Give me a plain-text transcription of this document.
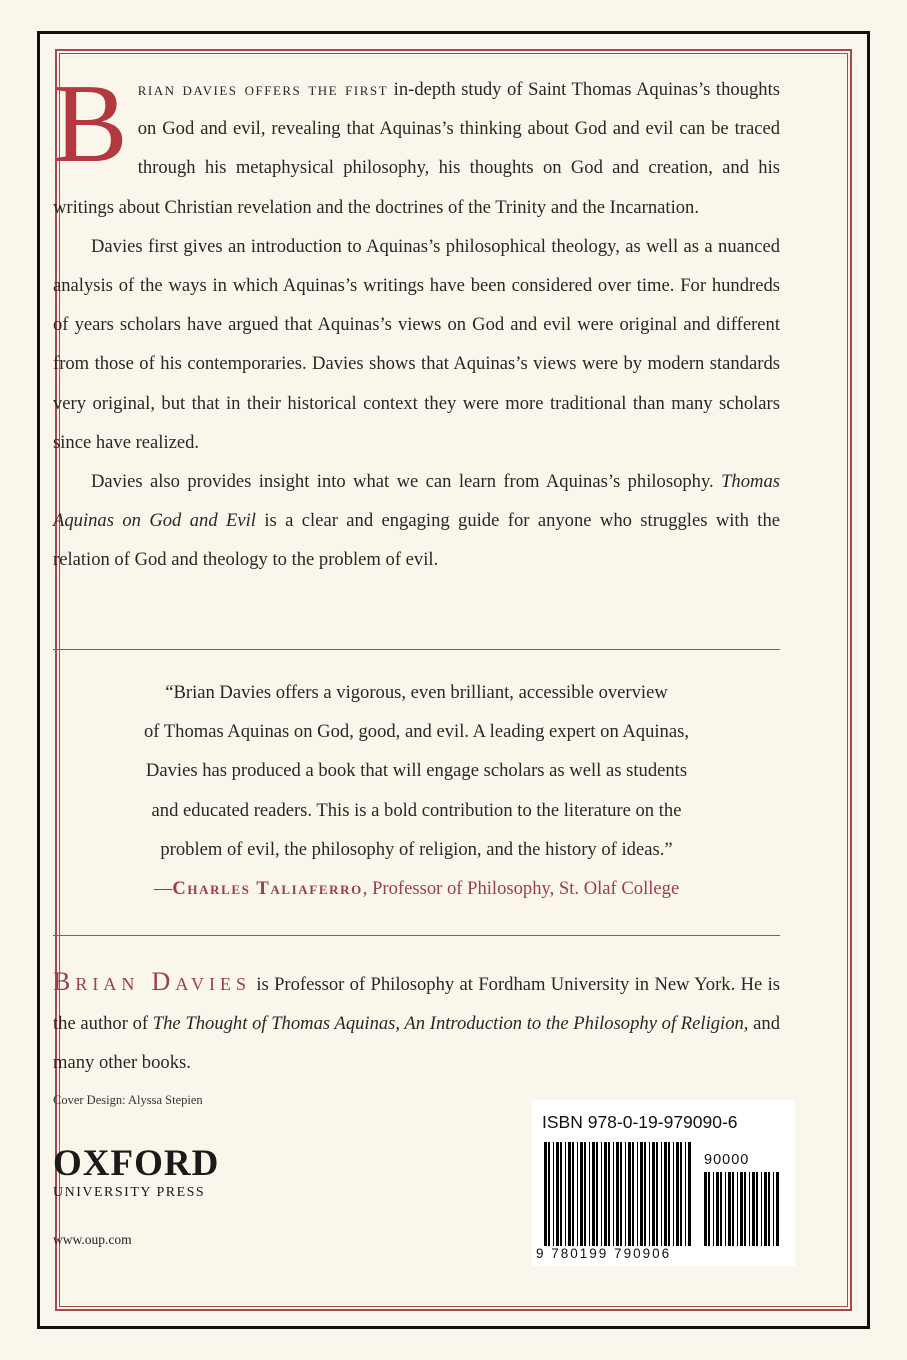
Brian davies offers the first in-depth study of Saint Thomas Aquinas’s thoughts on God and evil, revealing that Aquinas’s thinking about God and evil can be traced through his metaphysical philosophy, his thoughts on God and creation, and his writings about Christian revelation and the doctrines of the Trinity and the Incarnation.

Davies first gives an introduction to Aquinas’s philosophical theology, as well as a nuanced analysis of the ways in which Aquinas’s writings have been considered over time. For hundreds of years scholars have argued that Aquinas’s views on God and evil were original and different from those of his contemporaries. Davies shows that Aquinas’s views were by modern standards very original, but that in their historical context they were more traditional than many scholars since have realized.

Davies also provides insight into what we can learn from Aquinas’s philosophy. Thomas Aquinas on God and Evil is a clear and engaging guide for anyone who struggles with the relation of God and theology to the problem of evil.

“Brian Davies offers a vigorous, even brilliant, accessible overview
of Thomas Aquinas on God, good, and evil. A leading expert on Aquinas,
Davies has produced a book that will engage scholars as well as students
and educated readers. This is a bold contribution to the literature on the
problem of evil, the philosophy of religion, and the history of ideas.”
—Charles Taliaferro, Professor of Philosophy, St. Olaf College
Brian Davies is Professor of Philosophy at Fordham University in New York. He is the author of The Thought of Thomas Aquinas, An Introduction to the Philosophy of Religion, and many other books.
Cover Design: Alyssa Stepien
OXFORD
UNIVERSITY PRESS
www.oup.com
ISBN 978-0-19-979090-6
90000
9 780199 790906
